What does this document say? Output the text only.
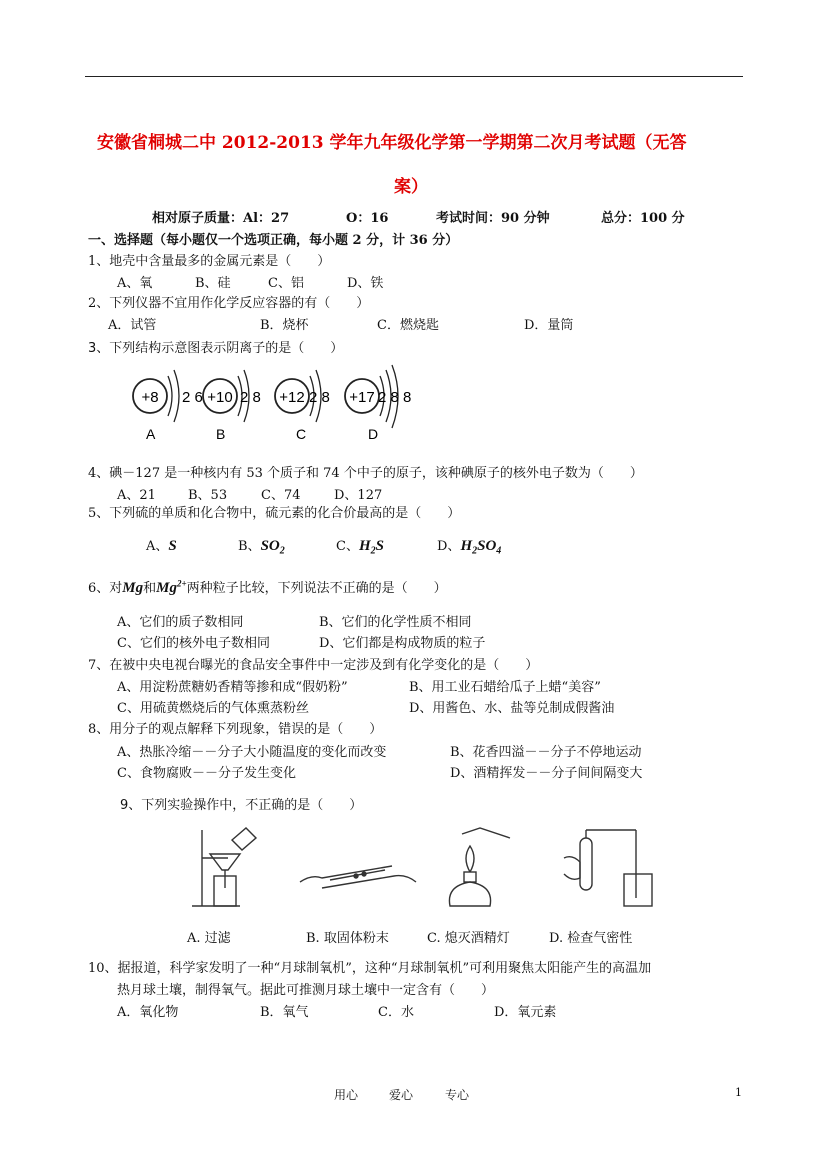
安徽省桐城二中 2012-2013 学年九年级化学第一学期第二次月考试题（无答
案）
相对原子质量：Al：27	O：16	考试时间：90 分钟	总分：100 分
一、选择题（每小题仅一个选项正确，每小题 2 分，计 36 分）
1、地壳中含量最多的金属元素是（　　）
A、氧	B、硅	C、铝	D、铁
2、下列仪器不宜用作化学反应容器的有（　　）
A．试管	B．烧杯	C．燃烧匙	D．量筒
3、下列结构示意图表示阴离子的是（　　）
+8 2 6
A
+10 2 8
B
+12 2 8
C
+17 2 8 8
D
4、碘－127 是一种核内有 53 个质子和 74 个中子的原子，该种碘原子的核外电子数为（　　）
A、21 B、53	C、74	D、127
5、下列硫的单质和化合物中，硫元素的化合价最高的是（　　）
A、S	B、$SO_2$	C、$H_2S$	D、$H_2SO_4$
6、对Mg和$Mg^{2+}$两种粒子比较，下列说法不正确的是（　　）
A、它们的质子数相同	B、它们的化学性质不相同
C、它们的核外电子数相同	D、它们都是构成物质的粒子
7、在被中央电视台曝光的食品安全事件中一定涉及到有化学变化的是（　　）
A、用淀粉蔗糖奶香精等掺和成“假奶粉”	B、用工业石蜡给瓜子上蜡“美容”
C、用硫黄燃烧后的气体熏蒸粉丝	D、用酱色、水、盐等兑制成假酱油
8、用分子的观点解释下列现象，错误的是（　　）
A、热胀冷缩－－分子大小随温度的变化而改变	B、花香四溢－－分子不停地运动
C、食物腐败－－分子发生变化	D、酒精挥发－－分子间间隔变大
9、下列实验操作中，不正确的是（　　）
A. 过滤	B. 取固体粉末	C. 熄灭酒精灯	D. 检查气密性
10、据报道，科学家发明了一种“月球制氧机”，这种“月球制氧机”可利用聚焦太阳能产生的高温加
热月球土壤，制得氧气。据此可推测月球土壤中一定含有（　　）
A．氧化物	B．氧气	C．水	D．氧元素
用心	爱心	专心	1
